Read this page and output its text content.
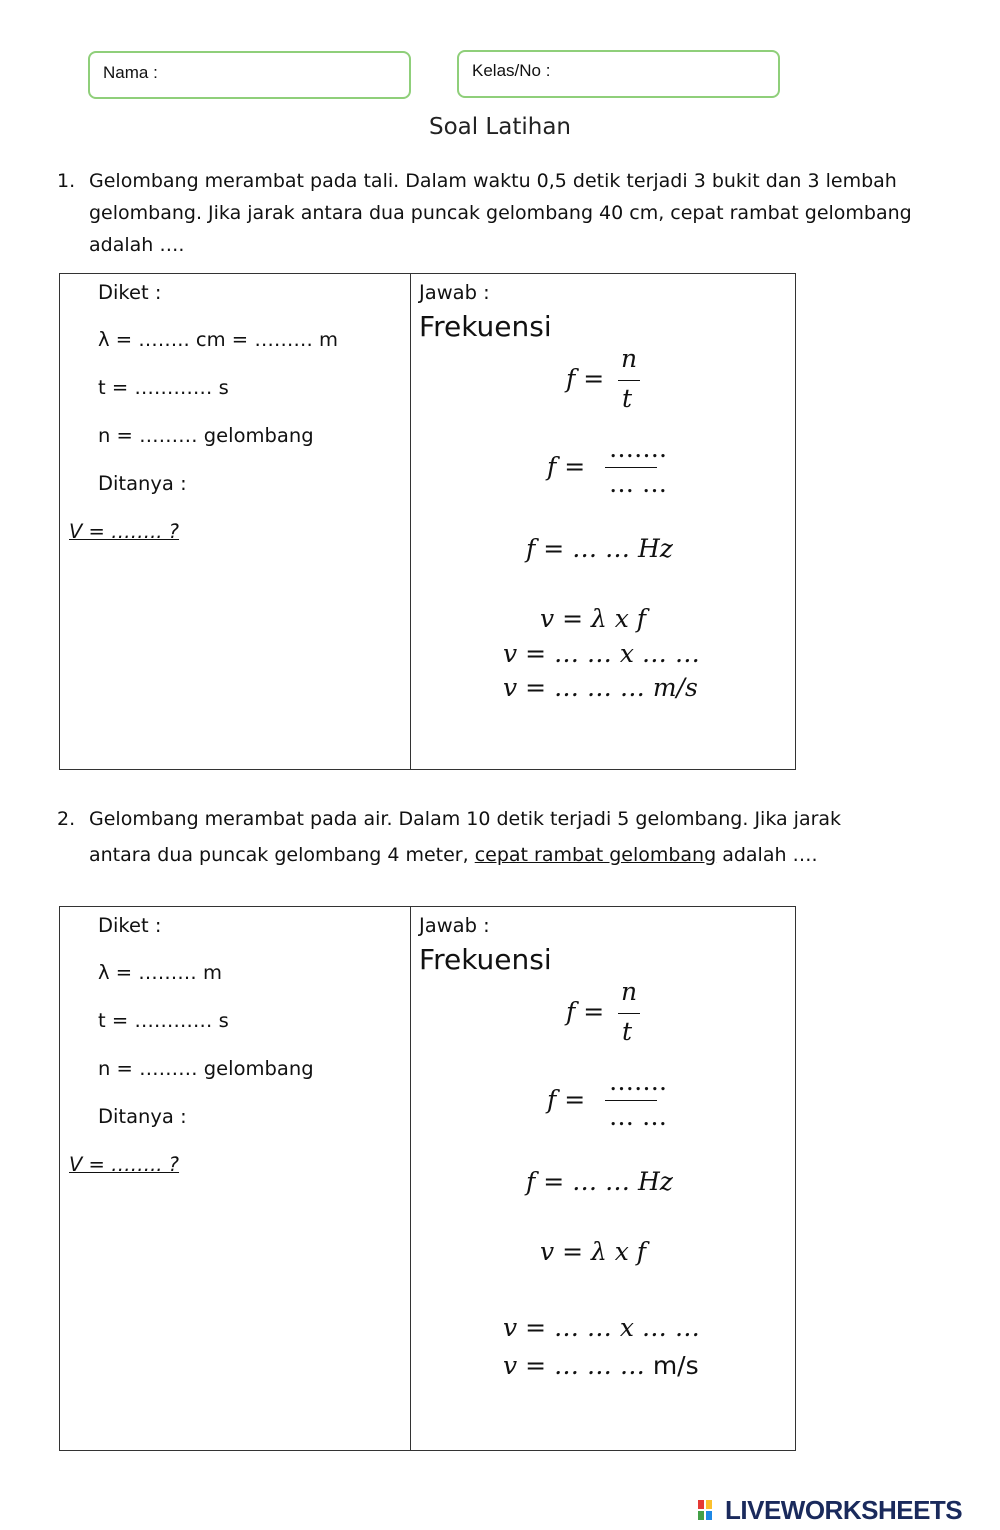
Nama :	Kelas/No :
Soal Latihan
1. Gelombang merambat pada tali. Dalam waktu 0,5 detik terjadi 3 bukit dan 3 lembah
gelombang. Jika jarak antara dua puncak gelombang 40 cm, cepat rambat gelombang
adalah ….
Diket :
λ = …….. cm = ……… m
t = ………… s
n = ……… gelombang
Ditanya :
V = …….. ?
Jawab :
Frekuensi
f =
n
t
f =
…….
… …
f = … … Hz
v = λ x f
v = … … x … …
v = … … … m/s
2. Gelombang merambat pada air. Dalam 10 detik terjadi 5 gelombang. Jika jarak
antara dua puncak gelombang 4 meter, cepat rambat gelombang adalah ….
Diket :
λ = ……… m
t = ………… s
n = ……… gelombang
Ditanya :
V = …….. ?
Jawab :
Frekuensi
f =
n
t
f =
…….
… …
f = … … Hz
v = λ x f
v = … … x … …
v = … … … m/s
LIVEWORKSHEETS
